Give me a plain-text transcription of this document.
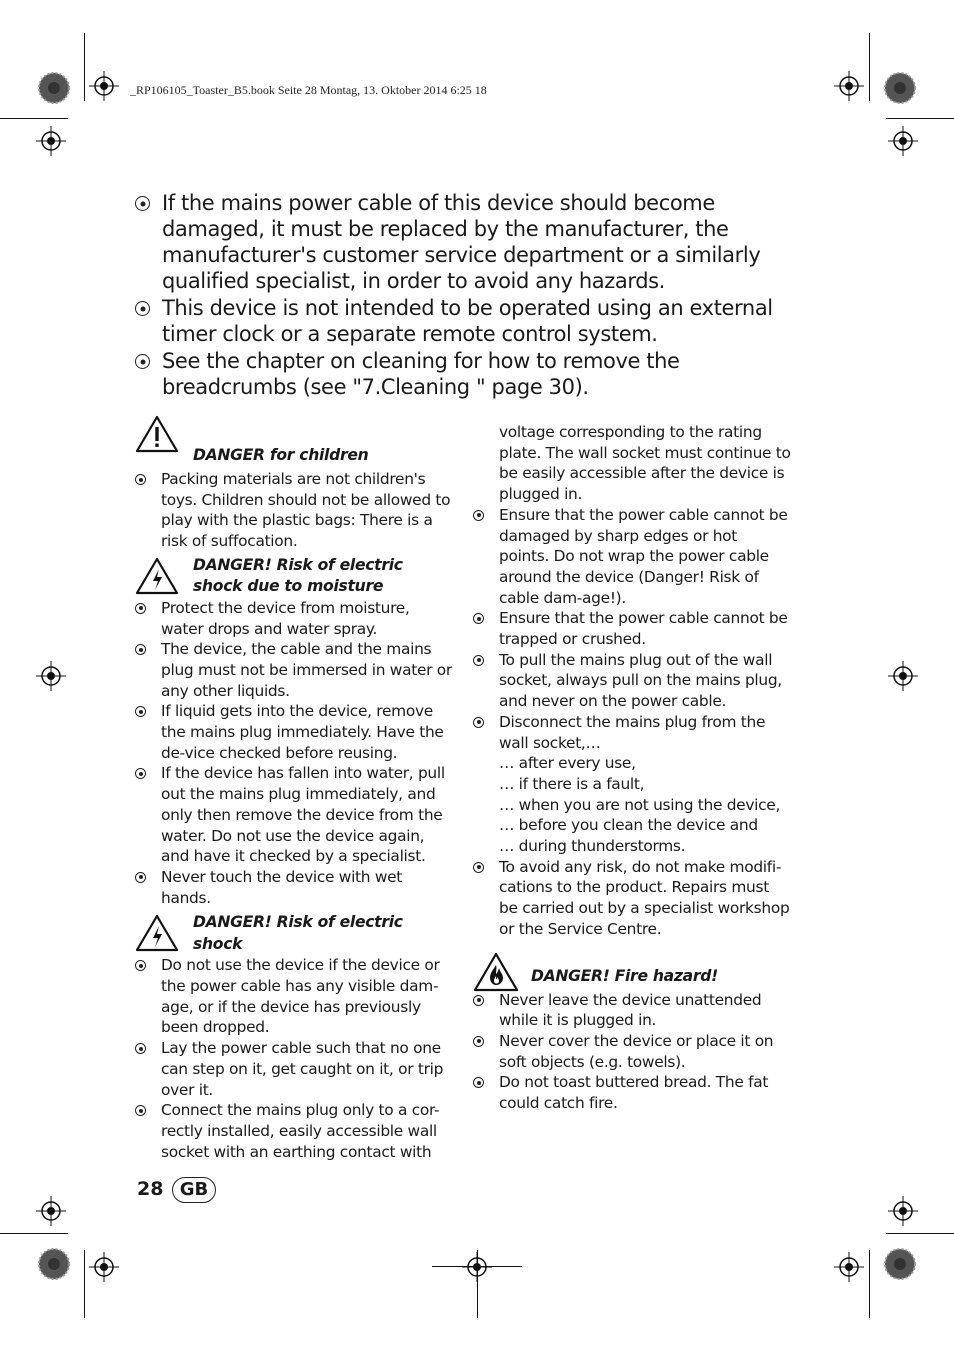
_RP106105_Toaster_B5.book Seite 28 Montag, 13. Oktober 2014 6:25 18
If the mains power cable of this device should become damaged, it must be replaced by the manufacturer, the manufacturer's customer service department or a similarly qualified specialist, in order to avoid any hazards.
This device is not intended to be operated using an external timer clock or a separate remote control system.
See the chapter on cleaning for how to remove the breadcrumbs (see "7.Cleaning " page 30).
DANGER for children
Packing materials are not children's toys. Children should not be allowed to play with the plastic bags: There is a risk of suffocation.
DANGER! Risk of electric
shock due to moisture
Protect the device from moisture, water drops and water spray.
The device, the cable and the mains plug must not be immersed in water or any other liquids.
If liquid gets into the device, remove the mains plug immediately. Have the de-vice checked before reusing.
If the device has fallen into water, pull out the mains plug immediately, and only then remove the device from the water. Do not use the device again, and have it checked by a specialist.
Never touch the device with wet hands.
DANGER! Risk of electric
shock
Do not use the device if the device or the power cable has any visible dam-age, or if the device has previously been dropped.
Lay the power cable such that no one can step on it, get caught on it, or trip over it.
Connect the mains plug only to a cor-rectly installed, easily accessible wall socket with an earthing contact with
voltage corresponding to the rating plate. The wall socket must continue to be easily accessible after the device is plugged in.
Ensure that the power cable cannot be damaged by sharp edges or hot points. Do not wrap the power cable around the device (Danger! Risk of cable dam-age!).
Ensure that the power cable cannot be trapped or crushed.
To pull the mains plug out of the wall socket, always pull on the mains plug, and never on the power cable.
Disconnect the mains plug from the wall socket,…
… after every use,
… if there is a fault,
… when you are not using the device,
… before you clean the device and
… during thunderstorms.
To avoid any risk, do not make modifi-cations to the product. Repairs must be carried out by a specialist workshop or the Service Centre.
DANGER! Fire hazard!
Never leave the device unattended while it is plugged in.
Never cover the device or place it on soft objects (e.g. towels).
Do not toast buttered bread. The fat could catch fire.
28 GB
